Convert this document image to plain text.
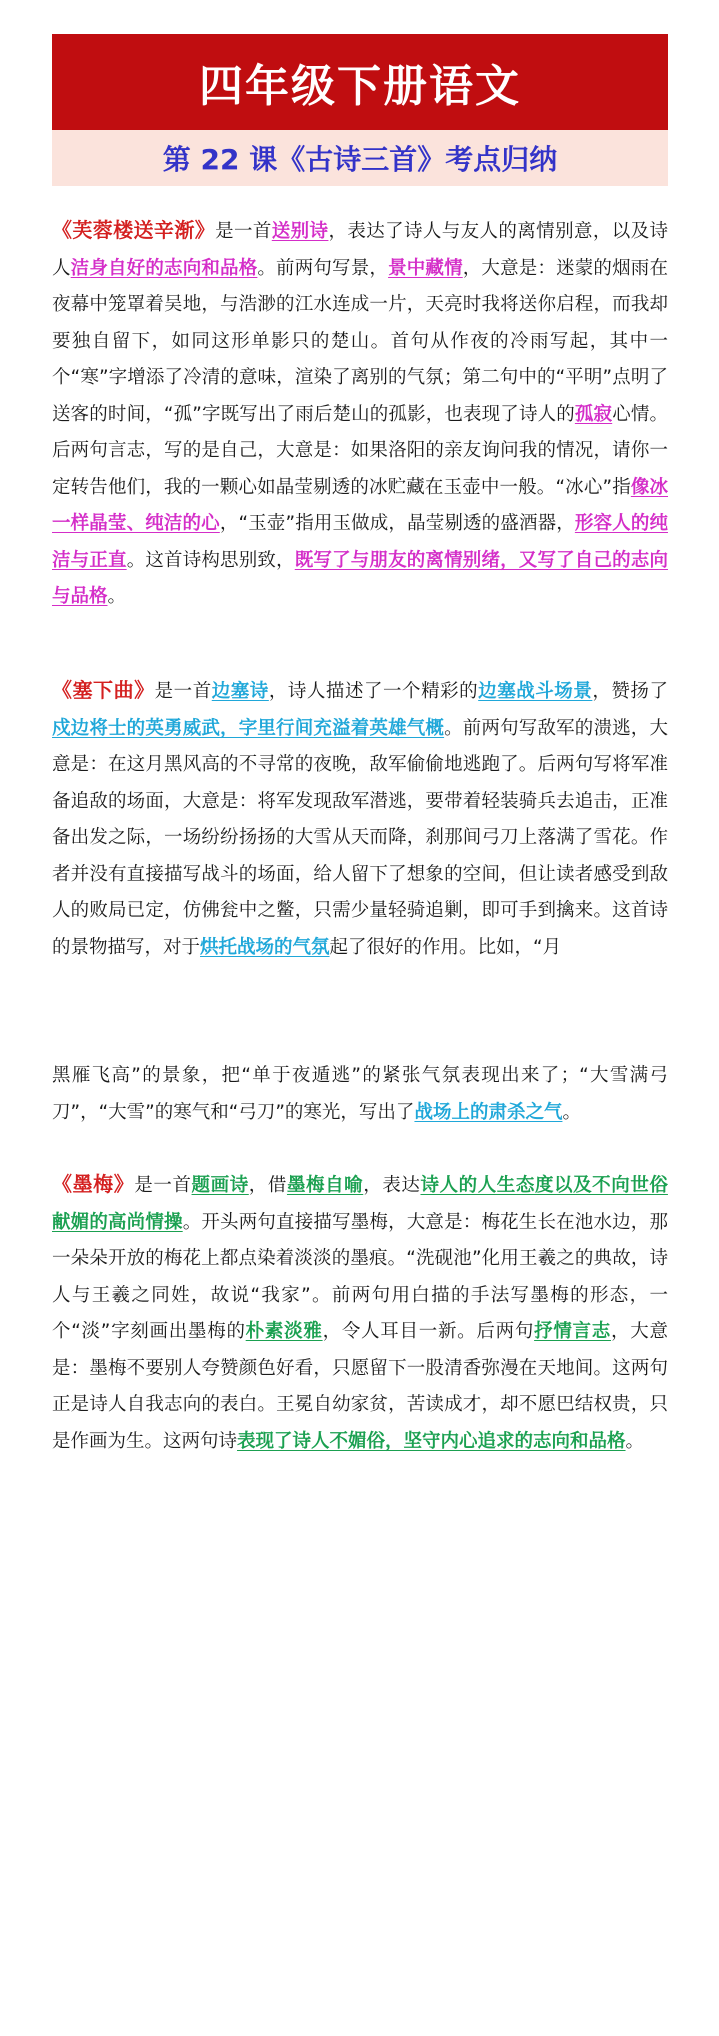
四年级下册语文
第 22 课《古诗三首》考点归纳
《芙蓉楼送辛渐》是一首送别诗，表达了诗人与友人的离情别意，以及诗人洁身自好的志向和品格。前两句写景，景中藏情，大意是：迷蒙的烟雨在夜幕中笼罩着吴地，与浩渺的江水连成一片，天亮时我将送你启程，而我却要独自留下，如同这形单影只的楚山。首句从作夜的冷雨写起，其中一个“寒”字增添了冷清的意味，渲染了离别的气氛；第二句中的“平明”点明了送客的时间，“孤”字既写出了雨后楚山的孤影，也表现了诗人的孤寂心情。后两句言志，写的是自己，大意是：如果洛阳的亲友询问我的情况，请你一定转告他们，我的一颗心如晶莹剔透的冰贮藏在玉壶中一般。“冰心”指像冰一样晶莹、纯洁的心，“玉壶”指用玉做成，晶莹剔透的盛酒器，形容人的纯洁与正直。这首诗构思别致，既写了与朋友的离情别绪，又写了自己的志向与品格。
《塞下曲》是一首边塞诗，诗人描述了一个精彩的边塞战斗场景，赞扬了戍边将士的英勇威武，字里行间充溢着英雄气概。前两句写敌军的溃逃，大意是：在这月黑风高的不寻常的夜晚，敌军偷偷地逃跑了。后两句写将军准备追敌的场面，大意是：将军发现敌军潜逃，要带着轻装骑兵去追击，正准备出发之际，一场纷纷扬扬的大雪从天而降，刹那间弓刀上落满了雪花。作者并没有直接描写战斗的场面，给人留下了想象的空间，但让读者感受到敌人的败局已定，仿佛瓮中之鳖，只需少量轻骑追剿，即可手到擒来。这首诗的景物描写，对于烘托战场的气氛起了很好的作用。比如，“月
黑雁飞高”的景象，把“单于夜遁逃”的紧张气氛表现出来了；“大雪满弓刀”，“大雪”的寒气和“弓刀”的寒光，写出了战场上的肃杀之气。
《墨梅》是一首题画诗，借墨梅自喻，表达诗人的人生态度以及不向世俗献媚的高尚情操。开头两句直接描写墨梅，大意是：梅花生长在池水边，那一朵朵开放的梅花上都点染着淡淡的墨痕。“洗砚池”化用王羲之的典故，诗人与王羲之同姓，故说“我家”。前两句用白描的手法写墨梅的形态，一个“淡”字刻画出墨梅的朴素淡雅，令人耳目一新。后两句抒情言志，大意是：墨梅不要别人夸赞颜色好看，只愿留下一股清香弥漫在天地间。这两句正是诗人自我志向的表白。王冕自幼家贫，苦读成才，却不愿巴结权贵，只是作画为生。这两句诗表现了诗人不媚俗，坚守内心追求的志向和品格。
